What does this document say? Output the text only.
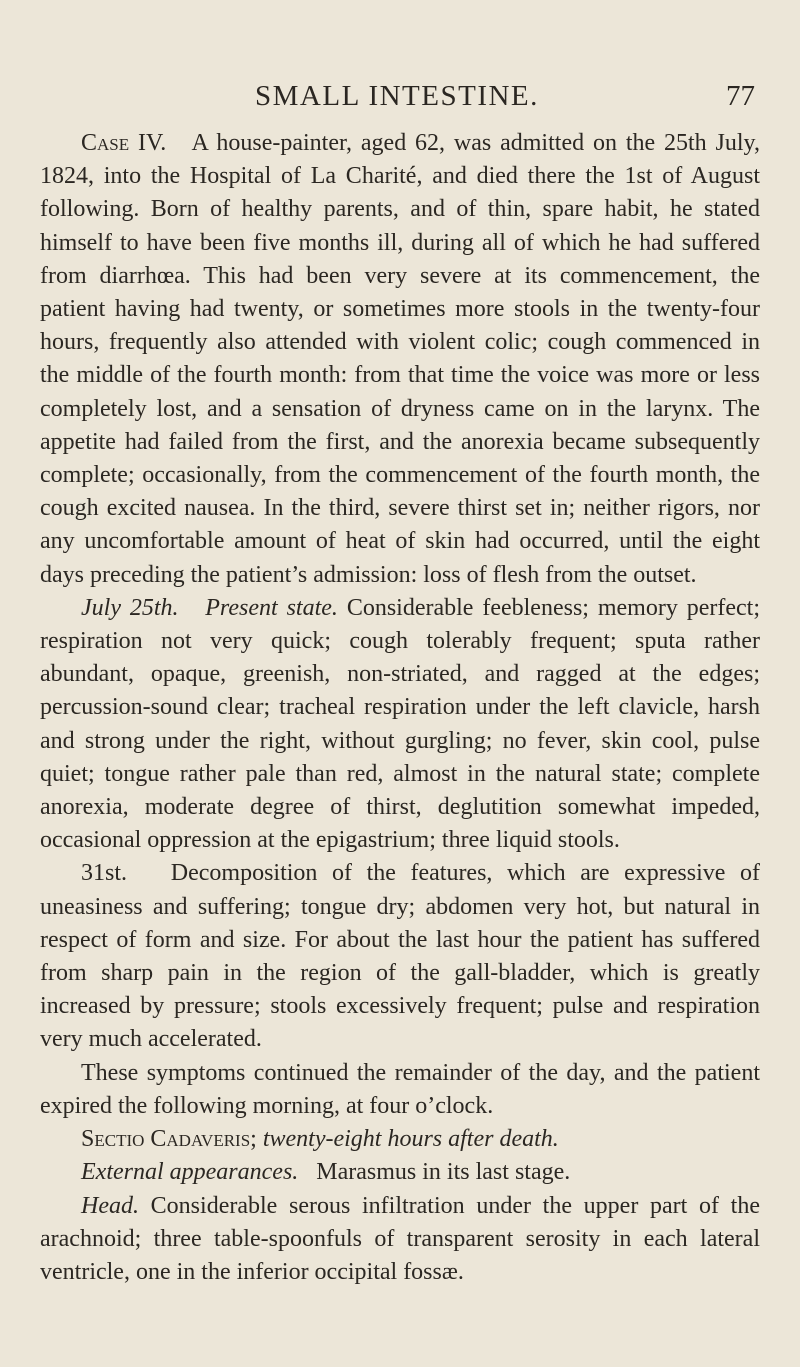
SMALL INTESTINE.	77

Case IV. A house-painter, aged 62, was admitted on the 25th July, 1824, into the Hospital of La Charité, and died there the 1st of August following. Born of healthy parents, and of thin, spare habit, he stated himself to have been five months ill, during all of which he had suffered from diarrhœa. This had been very severe at its commencement, the patient having had twenty, or sometimes more stools in the twenty-four hours, frequently also attended with violent colic; cough commenced in the middle of the fourth month: from that time the voice was more or less completely lost, and a sensation of dryness came on in the larynx. The appetite had failed from the first, and the anorexia became subsequently complete; occasionally, from the commencement of the fourth month, the cough excited nausea. In the third, severe thirst set in; neither rigors, nor any uncomfortable amount of heat of skin had occurred, until the eight days preceding the patient’s admission: loss of flesh from the outset.

July 25th. Present state. Considerable feebleness; memory perfect; respiration not very quick; cough tolerably frequent; sputa rather abundant, opaque, greenish, non-striated, and ragged at the edges; percussion-sound clear; tracheal respiration under the left clavicle, harsh and strong under the right, without gurgling; no fever, skin cool, pulse quiet; tongue rather pale than red, almost in the natural state; complete anorexia, moderate degree of thirst, deglutition somewhat impeded, occasional oppression at the epigastrium; three liquid stools.

31st. Decomposition of the features, which are expressive of uneasiness and suffering; tongue dry; abdomen very hot, but natural in respect of form and size. For about the last hour the patient has suffered from sharp pain in the region of the gall-bladder, which is greatly increased by pressure; stools excessively frequent; pulse and respiration very much accelerated.

These symptoms continued the remainder of the day, and the patient expired the following morning, at four o’clock.

Sectio Cadaveris; twenty-eight hours after death.

External appearances. Marasmus in its last stage.

Head. Considerable serous infiltration under the upper part of the arachnoid; three table-spoonfuls of transparent serosity in each lateral ventricle, one in the inferior occipital fossæ.
